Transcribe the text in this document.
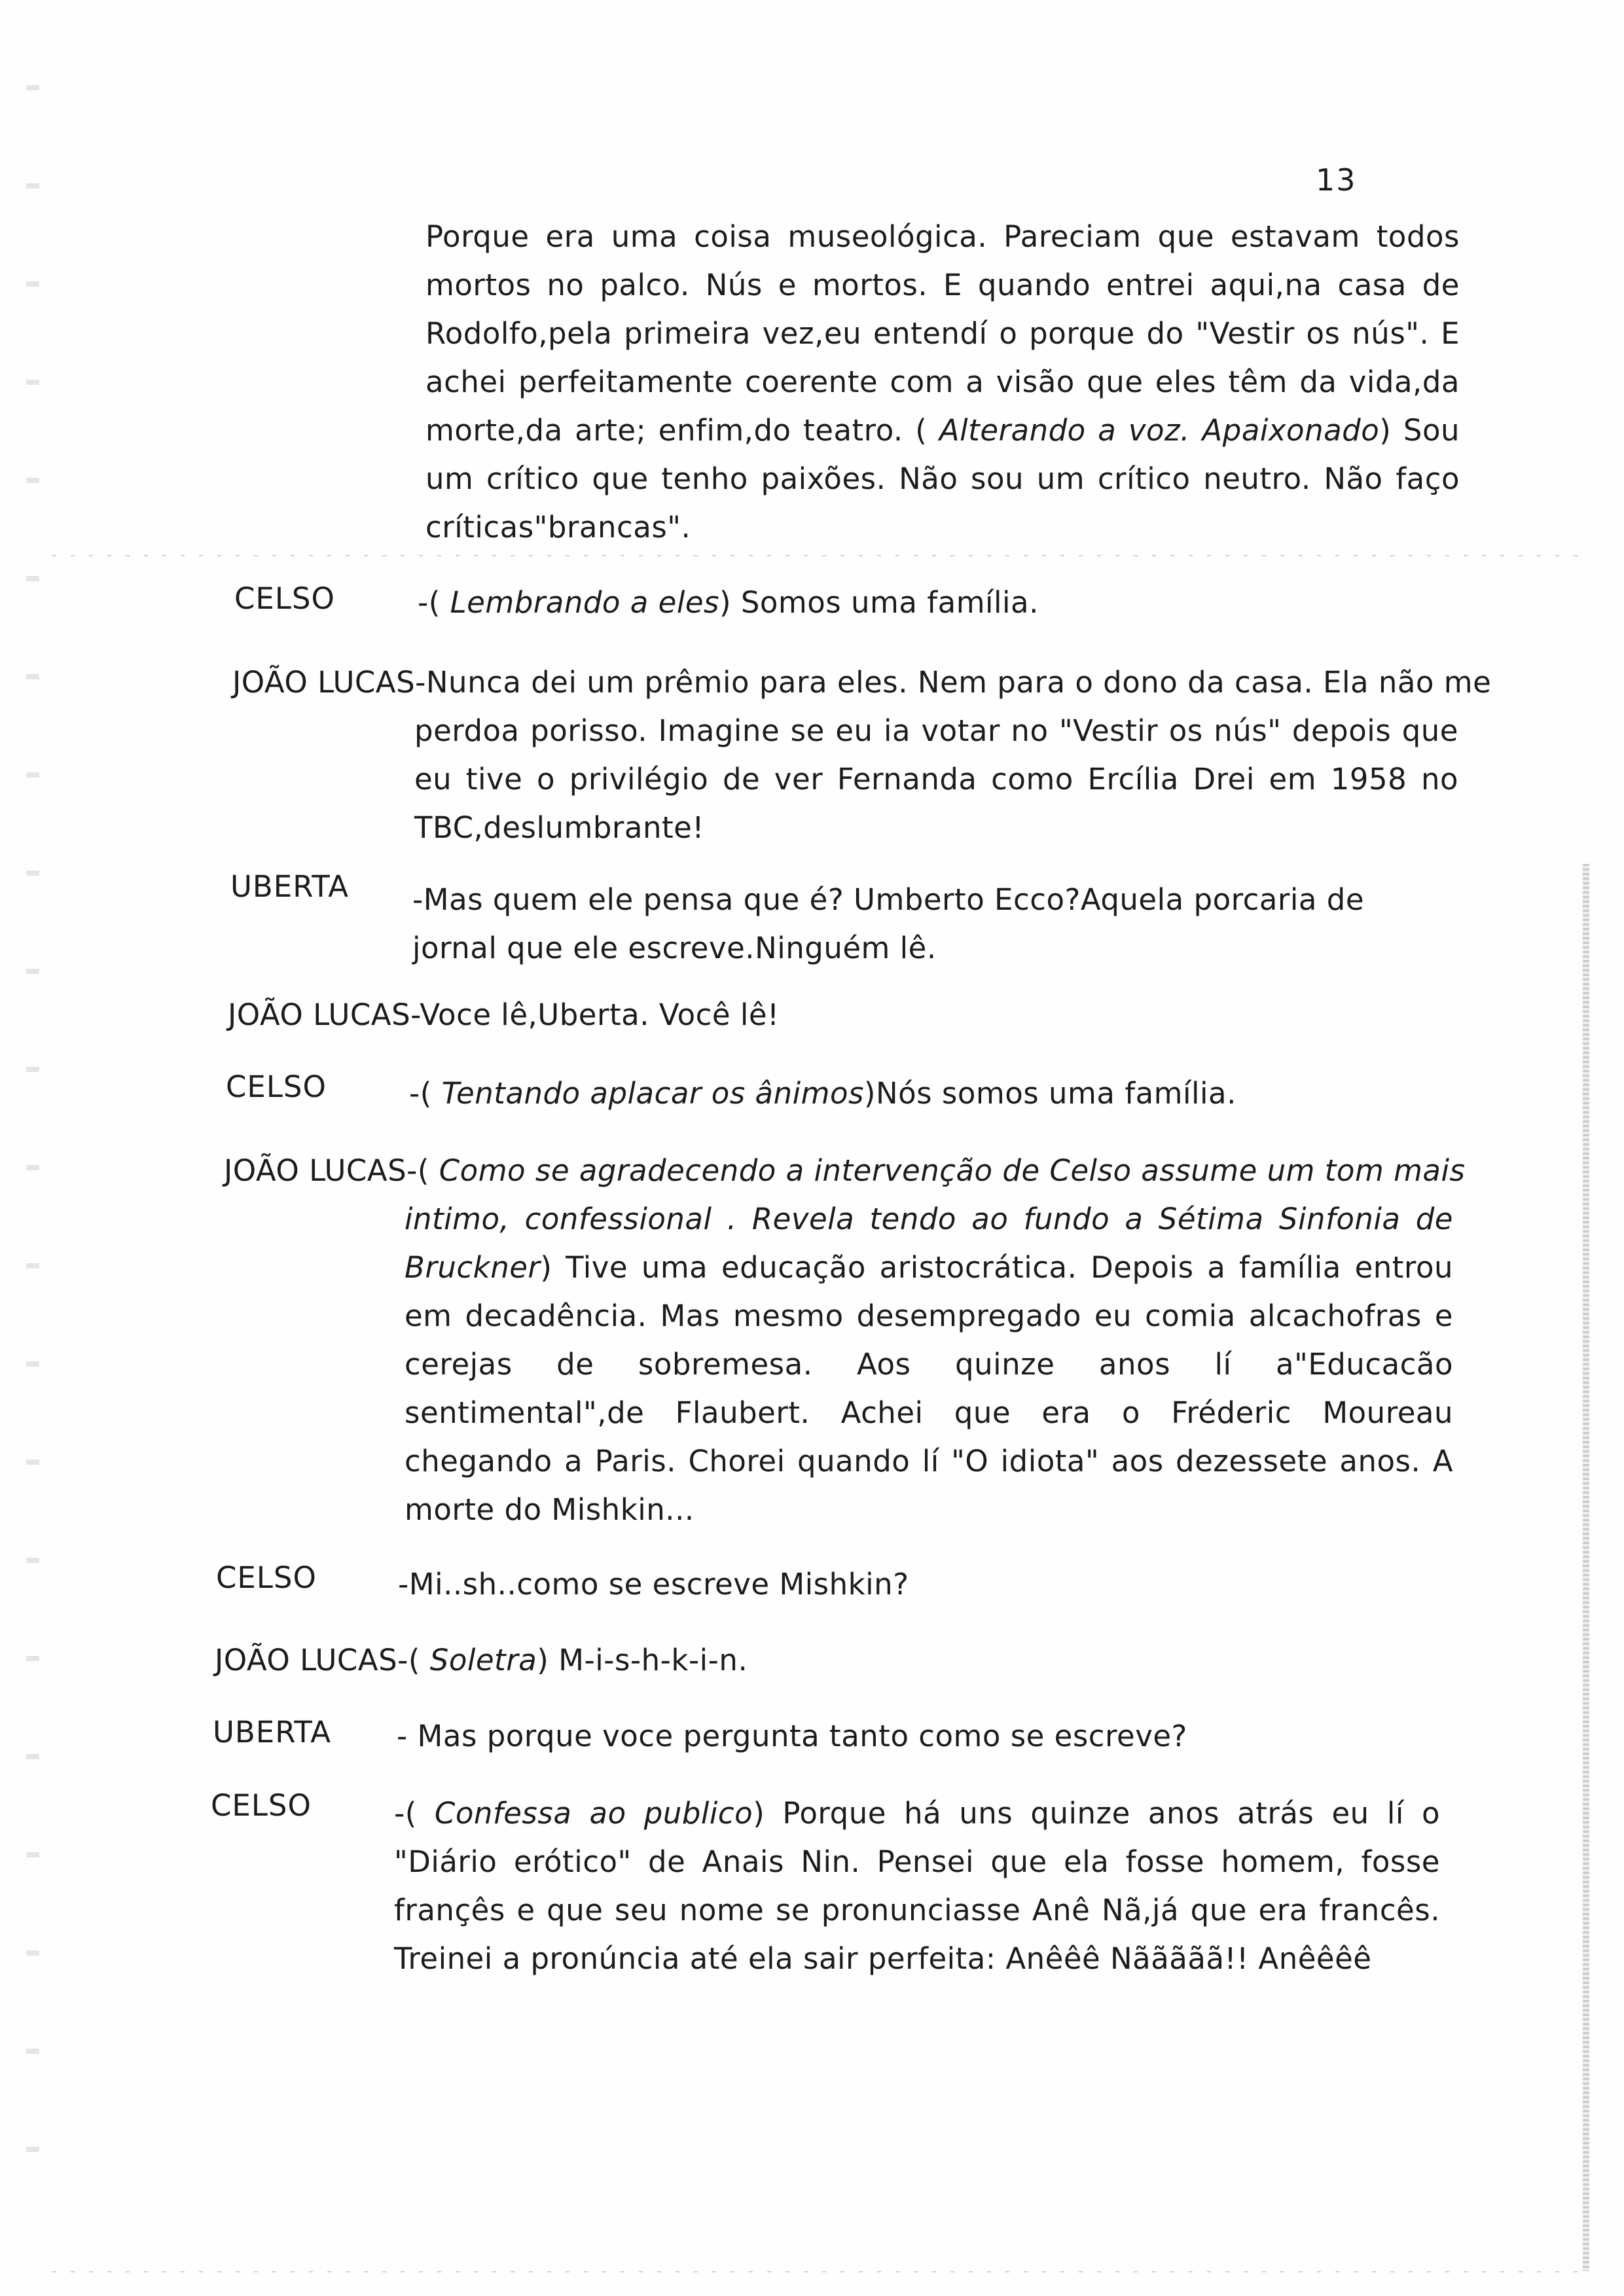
13
Porque era uma coisa museológica. Pareciam que estavam todos mortos no palco. Nús e mortos. E quando entrei aqui,na casa de Rodolfo,pela primeira vez,eu entendí o porque do "Vestir os nús". E achei perfeitamente coerente com a visão que eles têm da vida,da morte,da arte; enfim,do teatro. ( Alterando a voz. Apaixonado) Sou um crítico que tenho paixões. Não sou um crítico neutro. Não faço críticas"brancas".
CELSO	-( Lembrando a eles) Somos uma família.
JOÃO LUCAS-Nunca dei um prêmio para eles. Nem para o dono da casa. Ela não me
perdoa porisso. Imagine se eu ia votar no "Vestir os nús" depois que eu tive o privilégio de ver Fernanda como Ercília Drei em 1958 no TBC,deslumbrante!
UBERTA -Mas quem ele pensa que é? Umberto Ecco?Aquela porcaria de jornal que ele escreve.Ninguém lê.
JOÃO LUCAS-Voce lê,Uberta. Você lê!
CELSO	-( Tentando aplacar os ânimos)Nós somos uma família.
JOÃO LUCAS-( Como se agradecendo a intervenção de Celso assume um tom mais
intimo, confessional . Revela tendo ao fundo a Sétima Sinfonia de Bruckner) Tive uma educação aristocrática. Depois a família entrou em decadência. Mas mesmo desempregado eu comia alcachofras e cerejas de sobremesa. Aos quinze anos lí a"Educacão sentimental",de Flaubert. Achei que era o Fréderic Moureau chegando a Paris. Chorei quando lí "O idiota" aos dezessete anos. A morte do Mishkin...
CELSO	-Mi..sh..como se escreve Mishkin?
JOÃO LUCAS-( Soletra) M-i-s-h-k-i-n.
UBERTA - Mas porque voce pergunta tanto como se escreve?
CELSO	-( Confessa ao publico) Porque há uns quinze anos atrás eu lí o "Diário erótico" de Anais Nin. Pensei que ela fosse homem, fosse françês e que seu nome se pronunciasse Anê Nã,já que era francês. Treinei a pronúncia até ela sair perfeita: Anêêê Nããããã!! Anêêêê
